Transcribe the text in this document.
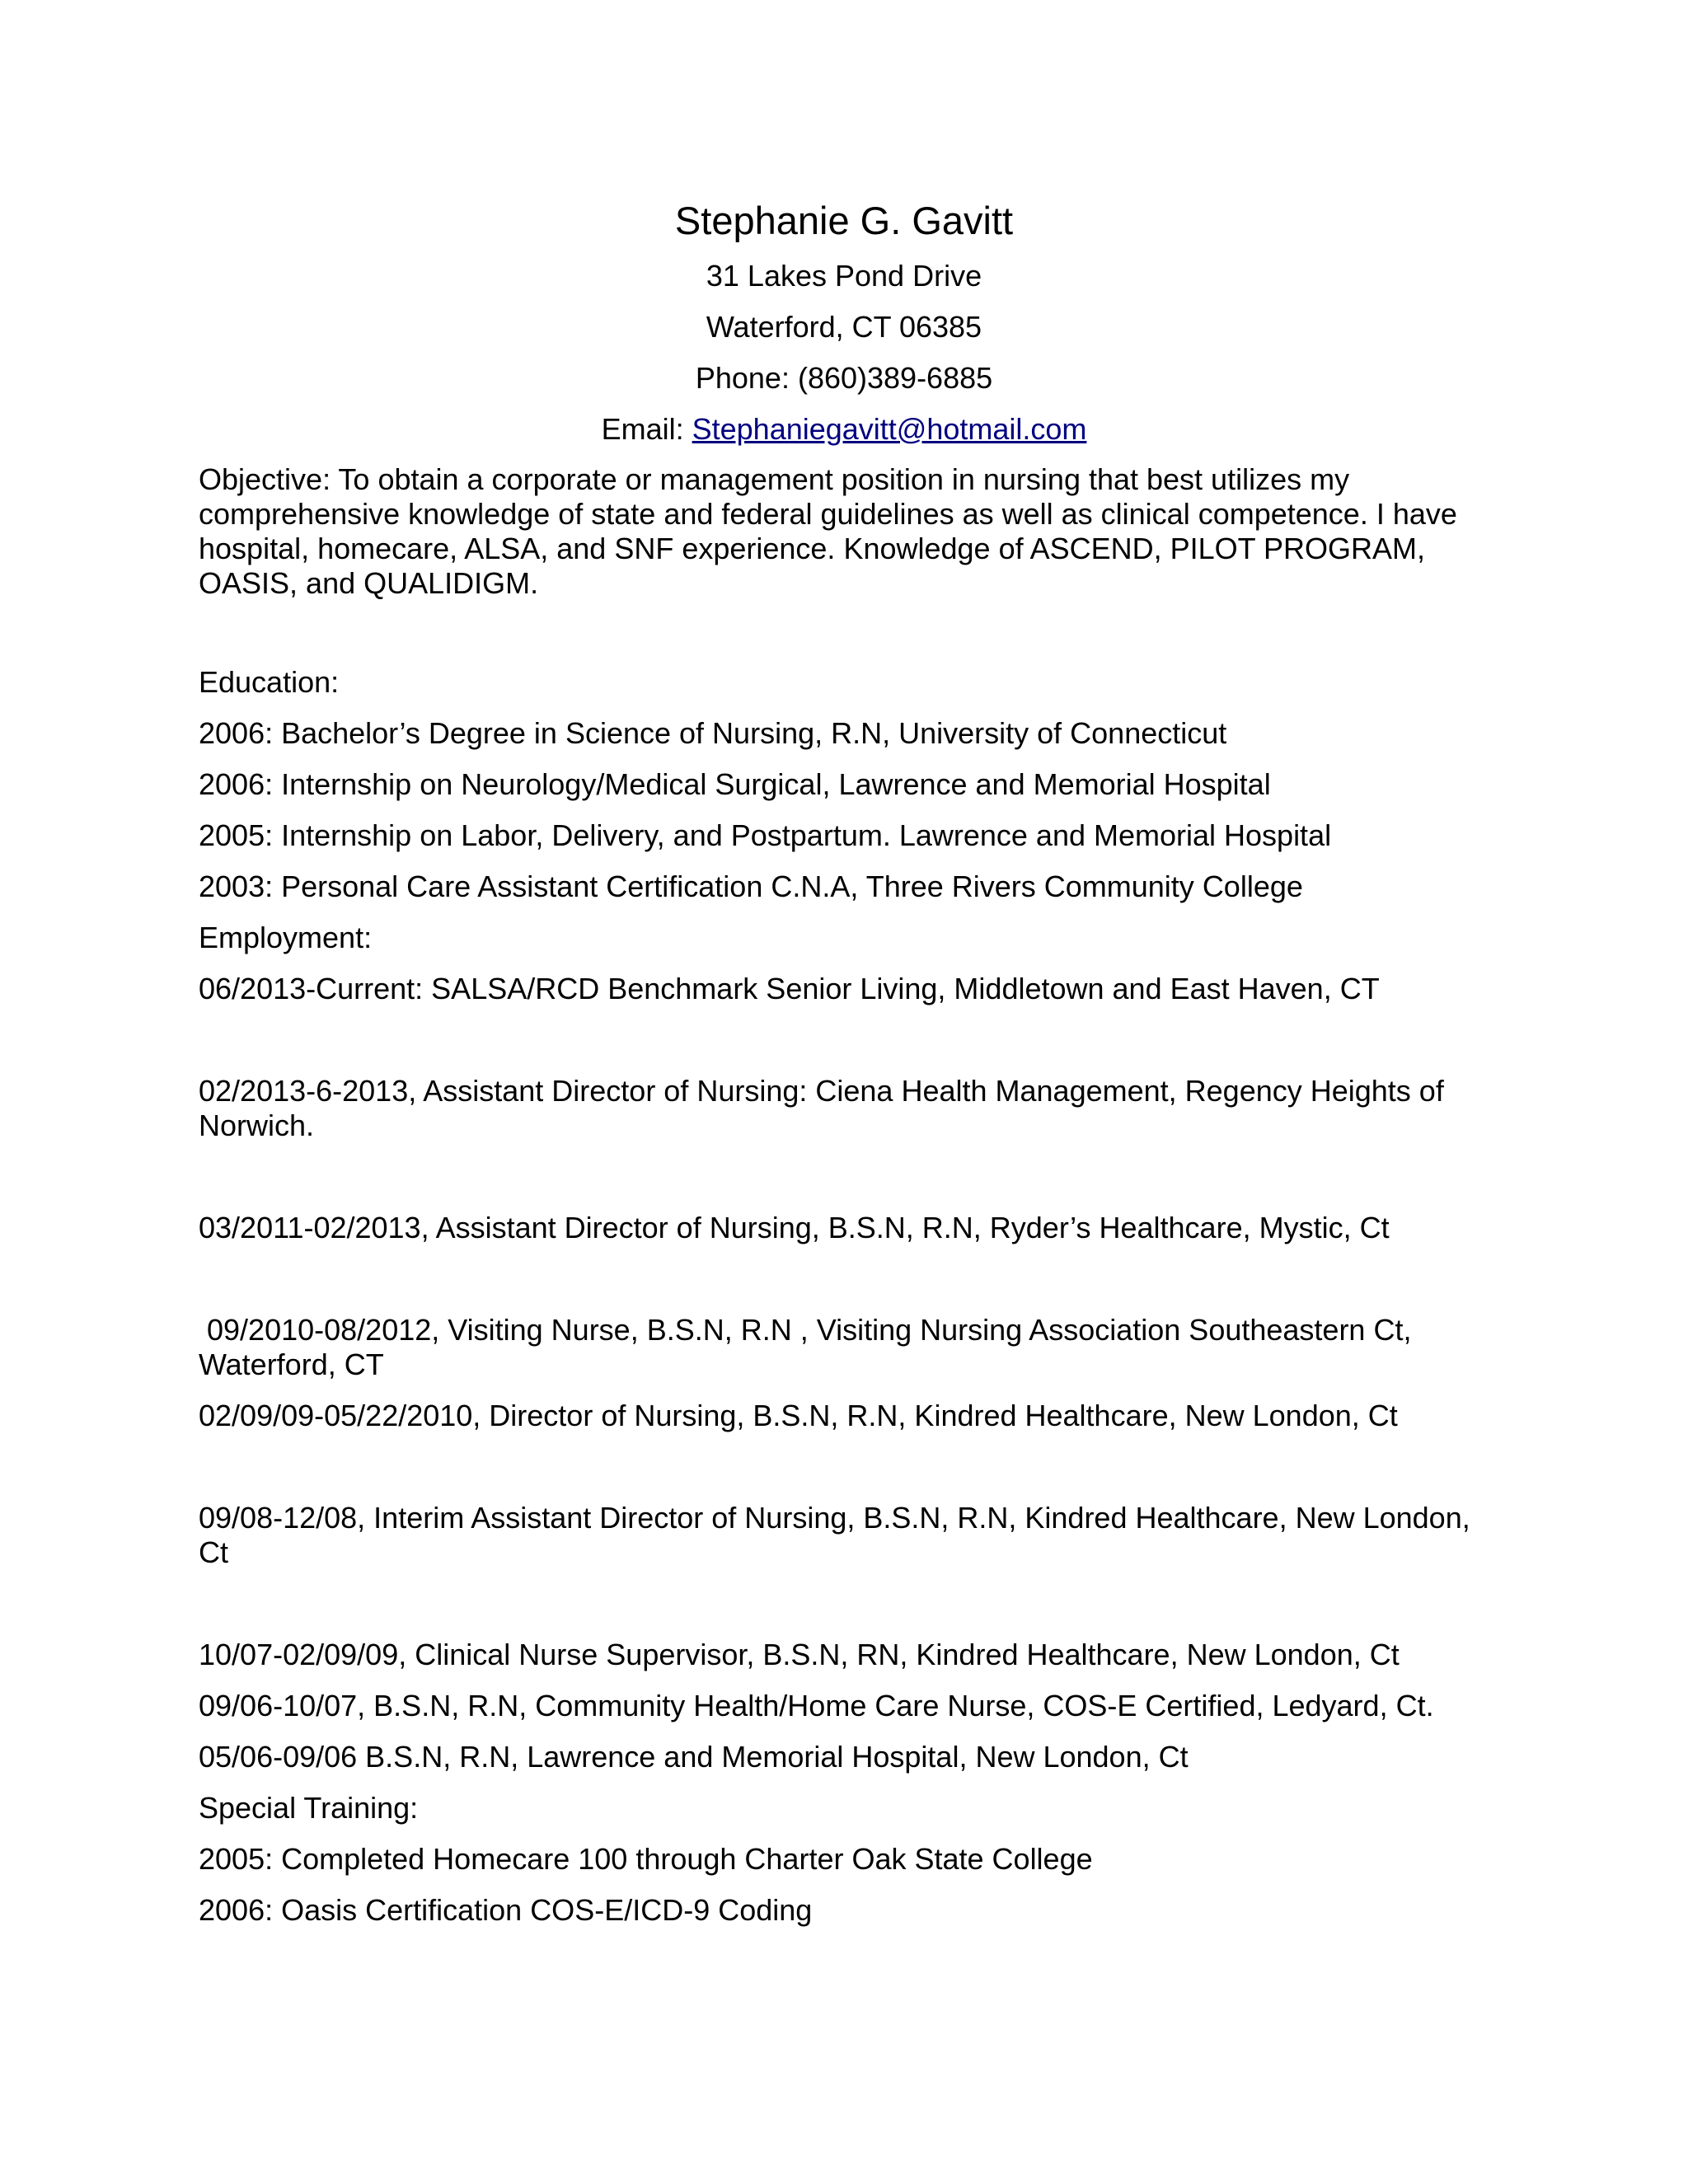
Stephanie G. Gavitt
31 Lakes Pond Drive
Waterford, CT 06385
Phone: (860)389-6885
Email: Stephaniegavitt@hotmail.com
Objective: To obtain a corporate or management position in nursing that best utilizes my comprehensive knowledge of state and federal guidelines as well as clinical competence. I have hospital, homecare, ALSA, and SNF experience. Knowledge of ASCEND, PILOT PROGRAM, OASIS, and QUALIDIGM.
Education:
2006: Bachelor’s Degree in Science of Nursing, R.N, University of Connecticut
2006: Internship on Neurology/Medical Surgical, Lawrence and Memorial Hospital
2005: Internship on Labor, Delivery, and Postpartum. Lawrence and Memorial Hospital
2003: Personal Care Assistant Certification C.N.A, Three Rivers Community College
Employment:
06/2013-Current: SALSA/RCD Benchmark Senior Living, Middletown and East Haven, CT
02/2013-6-2013, Assistant Director of Nursing: Ciena Health Management, Regency Heights of Norwich.
03/2011-02/2013, Assistant Director of Nursing, B.S.N, R.N, Ryder’s Healthcare, Mystic, Ct
09/2010-08/2012, Visiting Nurse, B.S.N, R.N , Visiting Nursing Association Southeastern Ct, Waterford, CT
02/09/09-05/22/2010, Director of Nursing, B.S.N, R.N, Kindred Healthcare, New London, Ct
09/08-12/08, Interim Assistant Director of Nursing, B.S.N, R.N, Kindred Healthcare, New London, Ct
10/07-02/09/09, Clinical Nurse Supervisor, B.S.N, RN, Kindred Healthcare, New London, Ct
09/06-10/07, B.S.N, R.N, Community Health/Home Care Nurse, COS-E Certified, Ledyard, Ct.
05/06-09/06 B.S.N, R.N, Lawrence and Memorial Hospital, New London, Ct
Special Training:
2005: Completed Homecare 100 through Charter Oak State College
2006: Oasis Certification COS-E/ICD-9 Coding
